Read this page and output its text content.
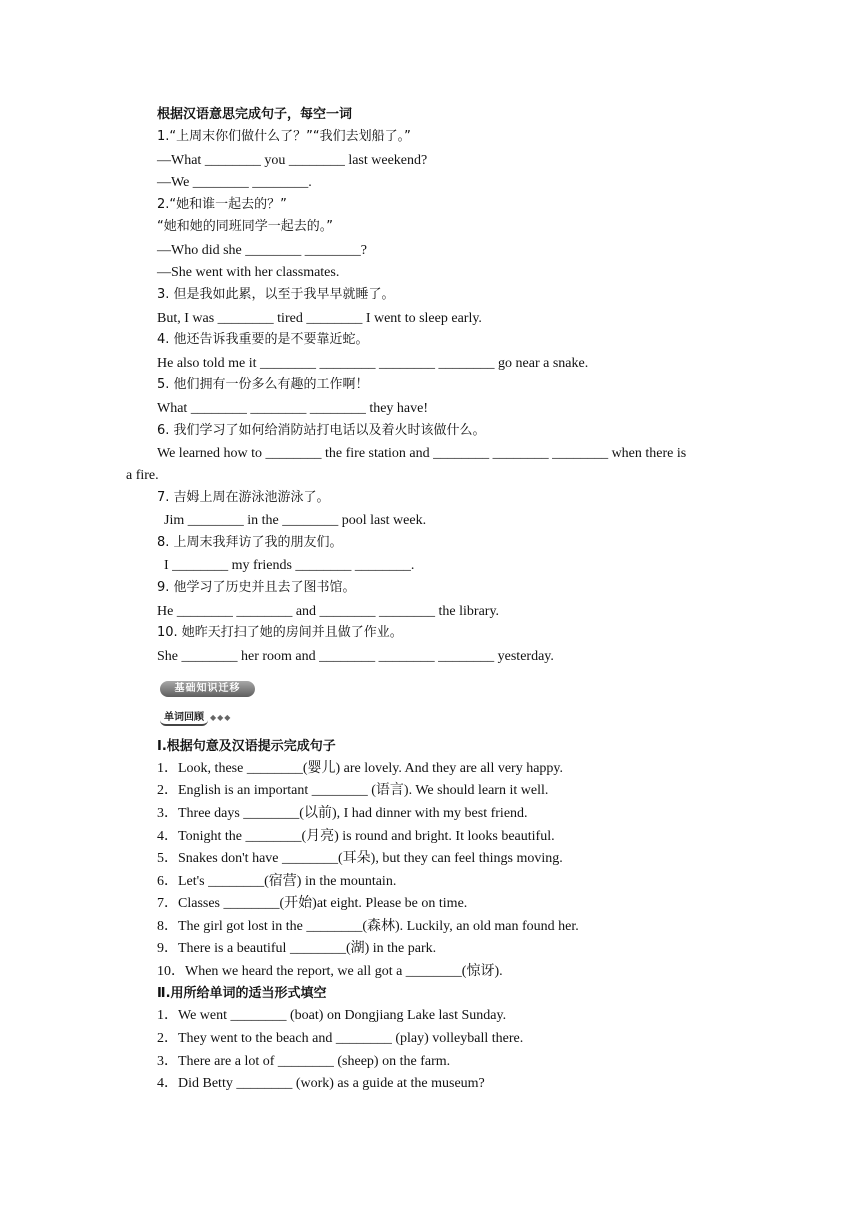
根据汉语意思完成句子，每空一词
1.“上周末你们做什么了？”“我们去划船了。”
—What ________ you ________ last weekend?
—We ________ ________.
2.“她和谁一起去的？”
“她和她的同班同学一起去的。”
—Who did she ________ ________?
—She went with her classmates.
3. 但是我如此累，以至于我早早就睡了。
But, I was ________ tired ________ I went to sleep early.
4. 他还告诉我重要的是不要靠近蛇。
He also told me it ________ ________ ________ ________ go near a snake.
5. 他们拥有一份多么有趣的工作啊！
What ________ ________ ________ they have!
6. 我们学习了如何给消防站打电话以及着火时该做什么。
We learned how to ________ the fire station and ________ ________ ________ when there is
a fire.
7. 吉姆上周在游泳池游泳了。
Jim ________ in the ________ pool last week.
8. 上周末我拜访了我的朋友们。
I ________ my friends ________ ________.
9. 他学习了历史并且去了图书馆。
He ________ ________ and ________ ________ the library.
10. 她昨天打扫了她的房间并且做了作业。
She ________ her room and ________ ________ ________ yesterday.
基础知识迁移
单词回顾 ◆◆◆
Ⅰ.根据句意及汉语提示完成句子
1．Look, these ________(婴儿) are lovely. And they are all very happy.
2．English is an important ________ (语言). We should learn it well.
3．Three days ________(以前), I had dinner with my best friend.
4．Tonight the ________(月亮) is round and bright. It looks beautiful.
5．Snakes don't have ________(耳朵), but they can feel things moving.
6．Let's ________(宿营) in the mountain.
7．Classes ________(开始)at eight. Please be on time.
8．The girl got lost in the ________(森林). Luckily, an old man found her.
9．There is a beautiful ________(湖) in the park.
10．When we heard the report, we all got a ________(惊讶).
Ⅱ.用所给单词的适当形式填空
1．We went ________ (boat) on Dongjiang Lake last Sunday.
2．They went to the beach and ________ (play) volleyball there.
3．There are a lot of ________ (sheep) on the farm.
4．Did Betty ________ (work) as a guide at the museum?
